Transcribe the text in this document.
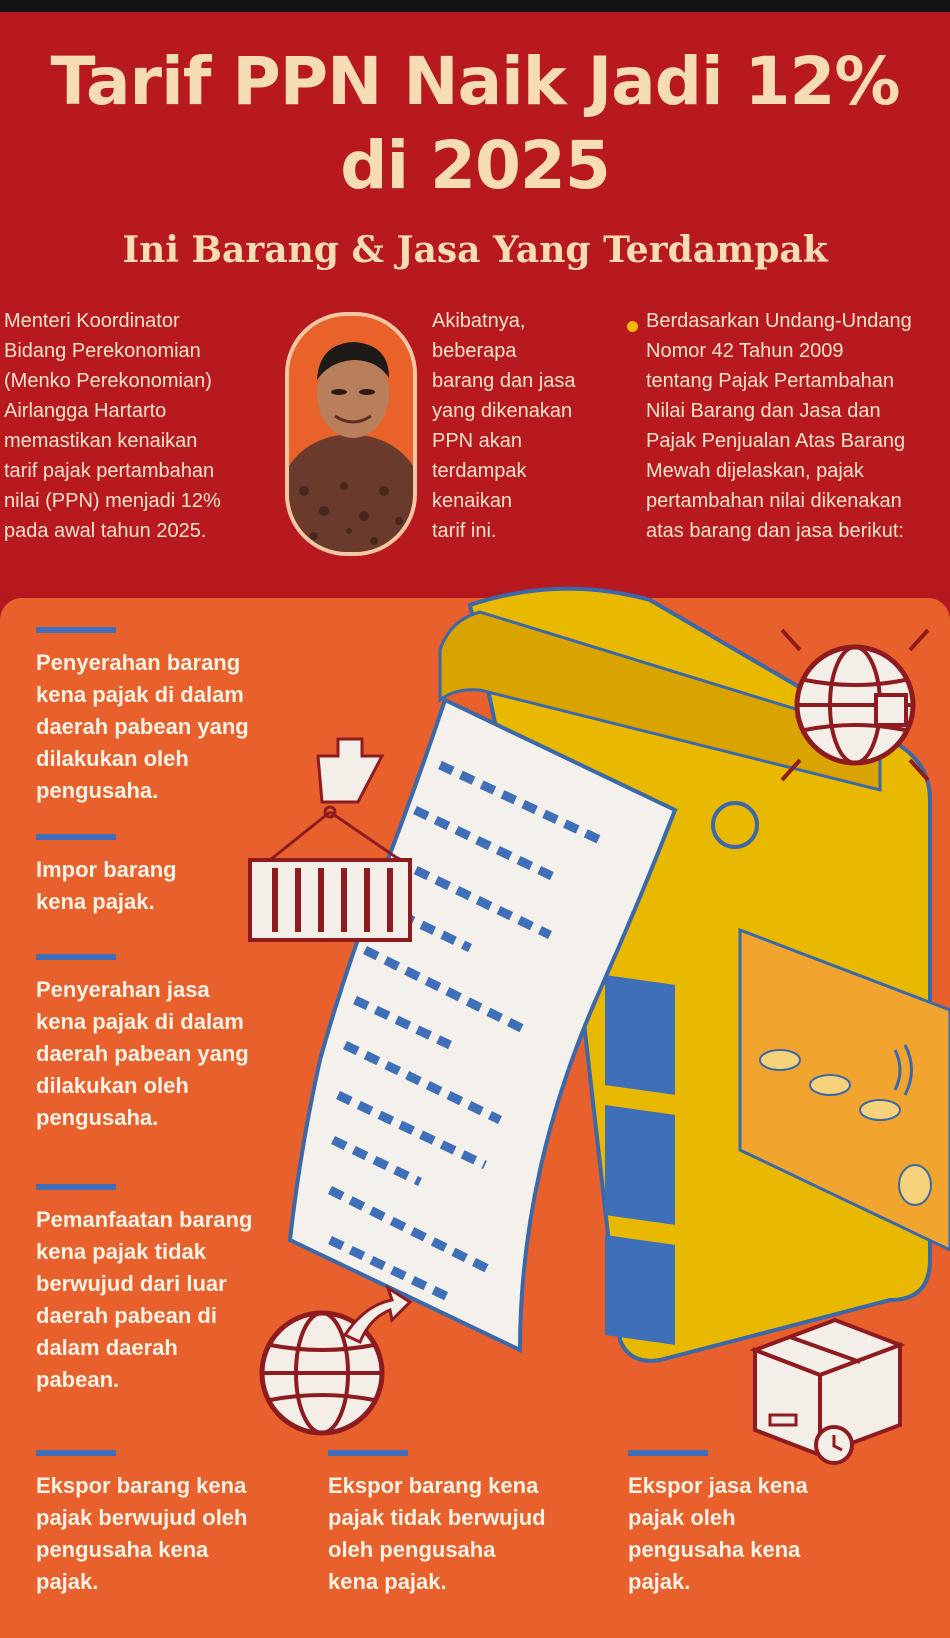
Tarif PPN Naik Jadi 12%
di 2025
Ini Barang & Jasa Yang Terdampak

Menteri Koordinator
Bidang Perekonomian
(Menko Perekonomian)
Airlangga Hartarto
memastikan kenaikan
tarif pajak pertambahan
nilai (PPN) menjadi 12%
pada awal tahun 2025.

Akibatnya,
beberapa
barang dan jasa
yang dikenakan
PPN akan
terdampak
kenaikan
tarif ini.

Berdasarkan Undang-Undang
Nomor 42 Tahun 2009
tentang Pajak Pertambahan
Nilai Barang dan Jasa dan
Pajak Penjualan Atas Barang
Mewah dijelaskan, pajak
pertambahan nilai dikenakan
atas barang dan jasa berikut:

Penyerahan barang
kena pajak di dalam
daerah pabean yang
dilakukan oleh
pengusaha.

Impor barang
kena pajak.

Penyerahan jasa
kena pajak di dalam
daerah pabean yang
dilakukan oleh
pengusaha.

Pemanfaatan barang
kena pajak tidak
berwujud dari luar
daerah pabean di
dalam daerah
pabean.

Ekspor barang kena
pajak berwujud oleh
pengusaha kena
pajak.

Ekspor barang kena
pajak tidak berwujud
oleh pengusaha
kena pajak.

Ekspor jasa kena
pajak oleh
pengusaha kena
pajak.
